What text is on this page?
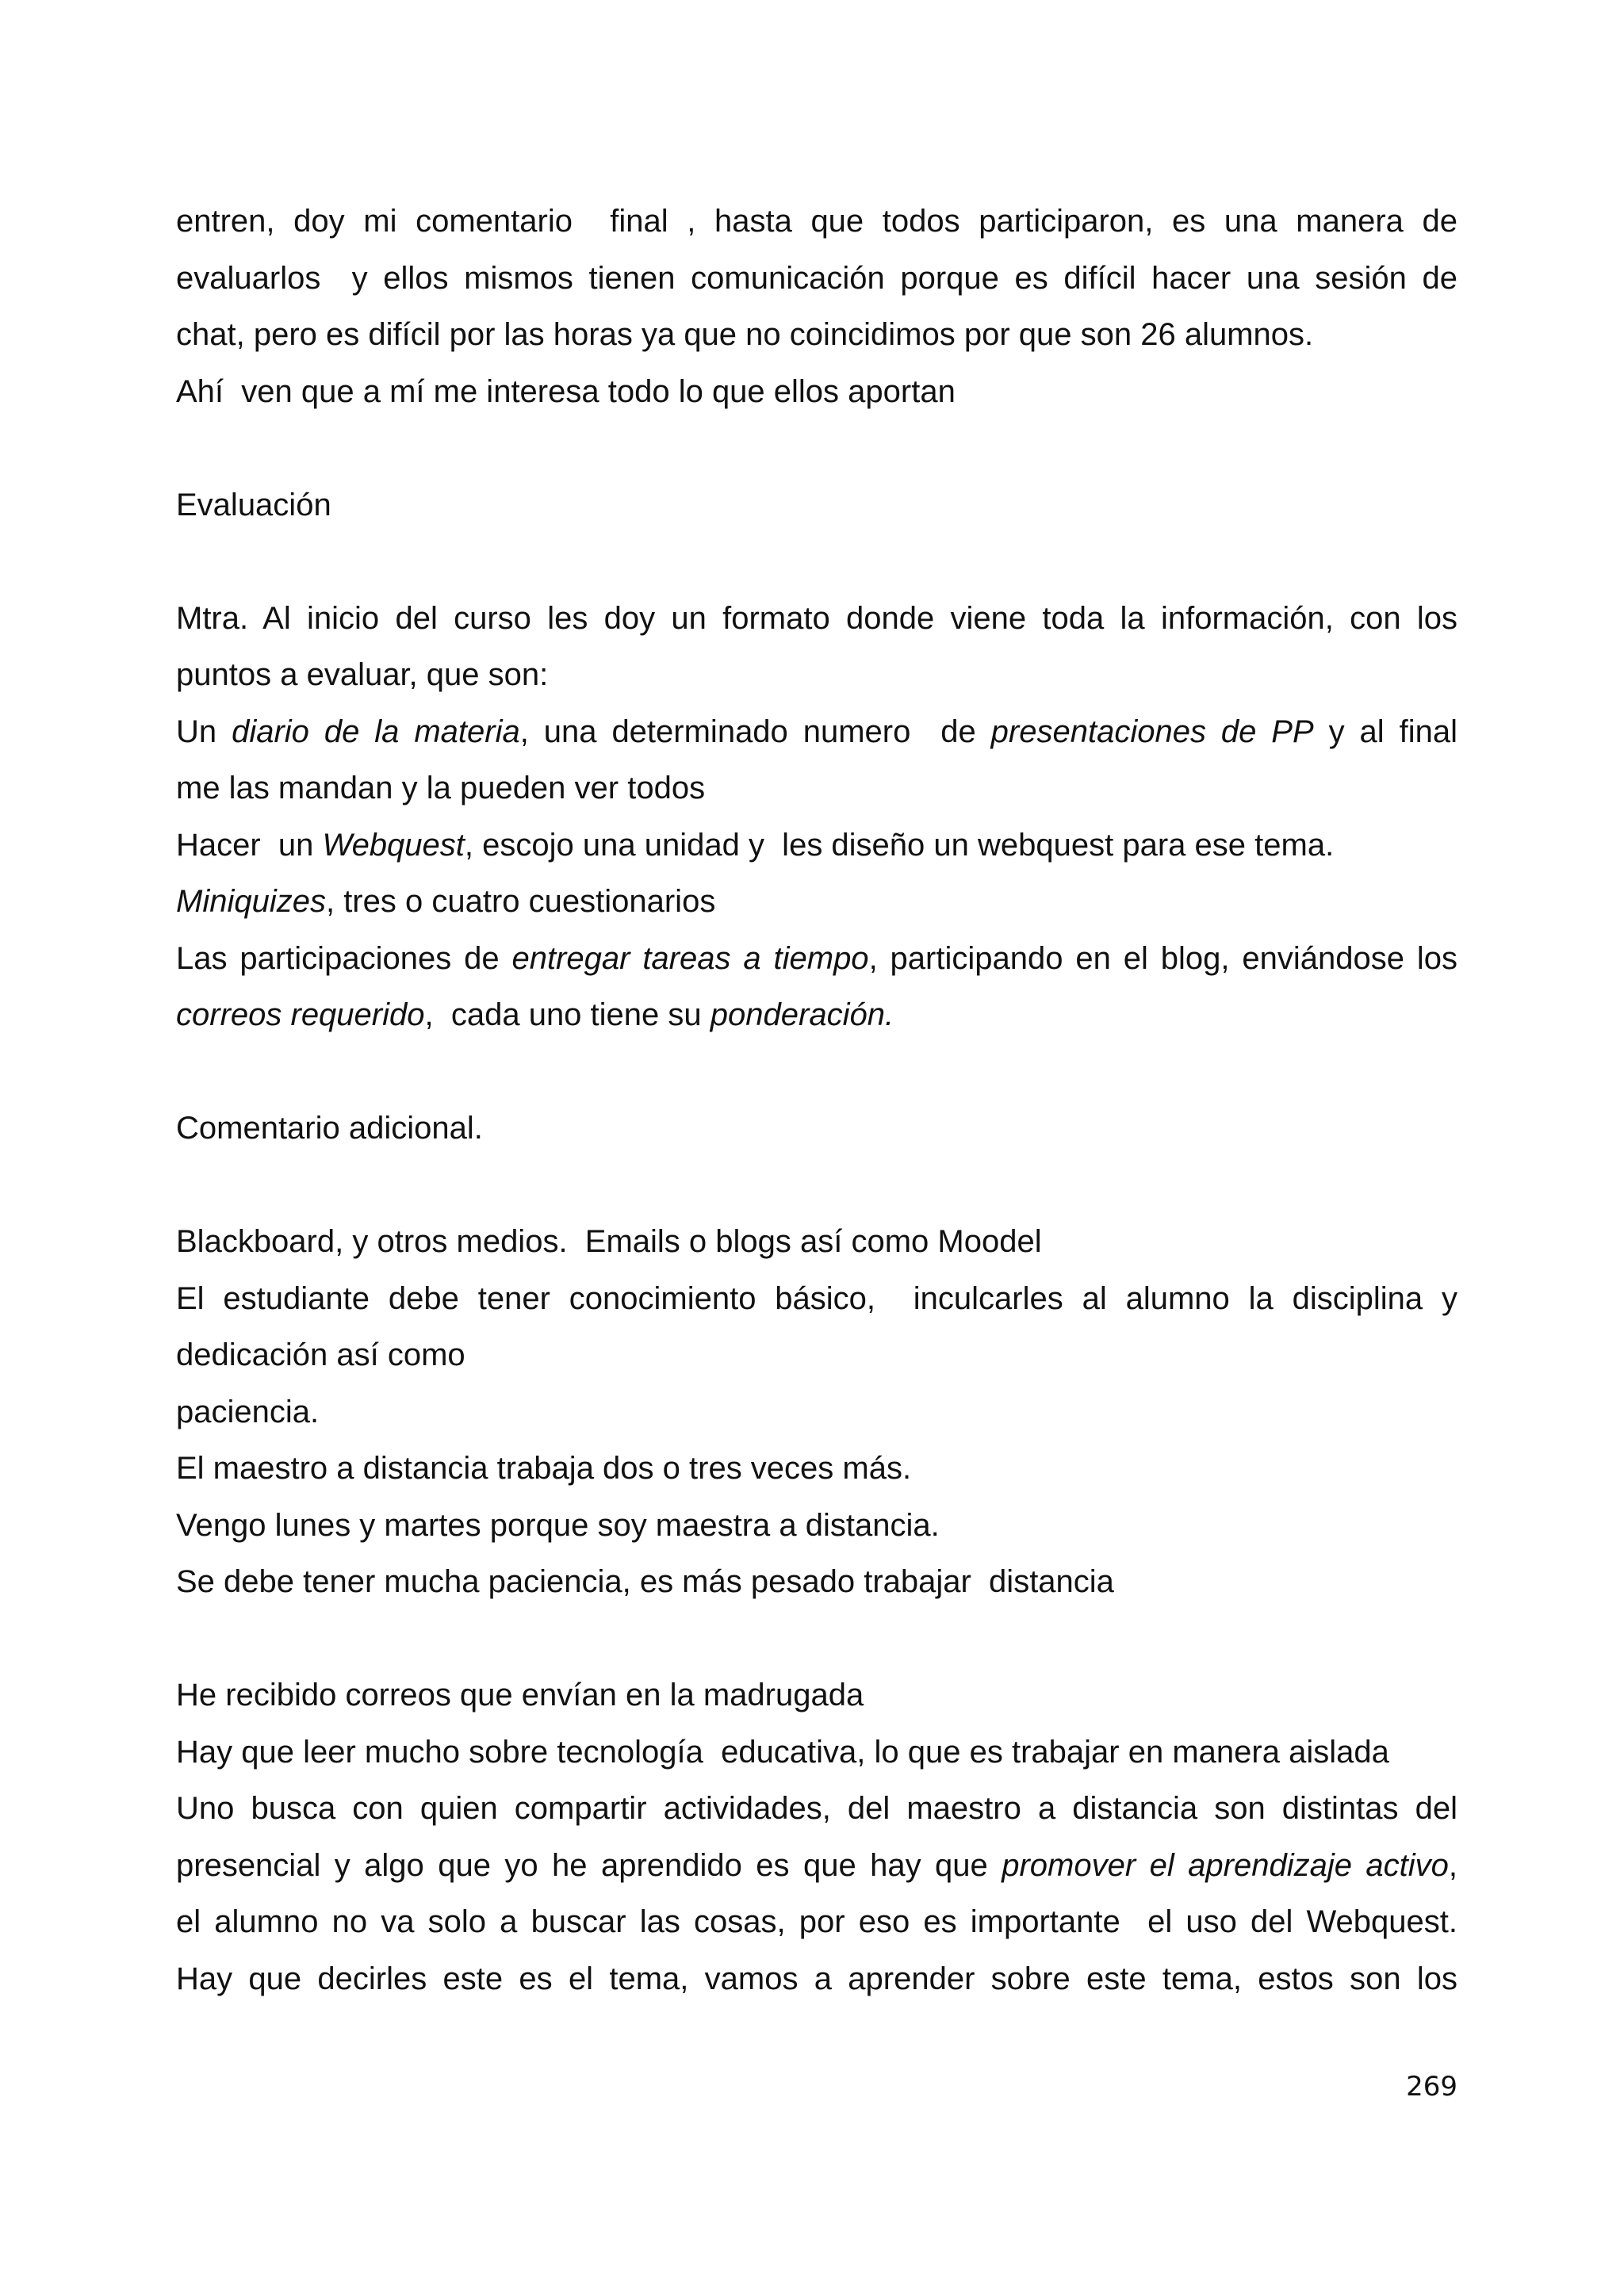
entren, doy mi comentario  final , hasta que todos participaron, es una manera de
evaluarlos  y ellos mismos tienen comunicación porque es difícil hacer una sesión de
chat, pero es difícil por las horas ya que no coincidimos por que son 26 alumnos.
Ahí  ven que a mí me interesa todo lo que ellos aportan
Evaluación
Mtra. Al inicio del curso les doy un formato donde viene toda la información, con los
puntos a evaluar, que son:
Un diario de la materia, una determinado numero  de presentaciones de PP y al final
me las mandan y la pueden ver todos
Hacer  un Webquest, escojo una unidad y  les diseño un webquest para ese tema.
Miniquizes, tres o cuatro cuestionarios
Las participaciones de entregar tareas a tiempo, participando en el blog, enviándose los
correos requerido,  cada uno tiene su ponderación.
Comentario adicional.
Blackboard, y otros medios.  Emails o blogs así como Moodel
El estudiante debe tener conocimiento básico,  inculcarles al alumno la disciplina y
dedicación así como
paciencia.
El maestro a distancia trabaja dos o tres veces más.
Vengo lunes y martes porque soy maestra a distancia.
Se debe tener mucha paciencia, es más pesado trabajar  distancia
He recibido correos que envían en la madrugada
Hay que leer mucho sobre tecnología  educativa, lo que es trabajar en manera aislada
Uno busca con quien compartir actividades, del maestro a distancia son distintas del
presencial y algo que yo he aprendido es que hay que promover el aprendizaje activo,
el alumno no va solo a buscar las cosas, por eso es importante  el uso del Webquest.
Hay que decirles este es el tema, vamos a aprender sobre este tema, estos son los
269
